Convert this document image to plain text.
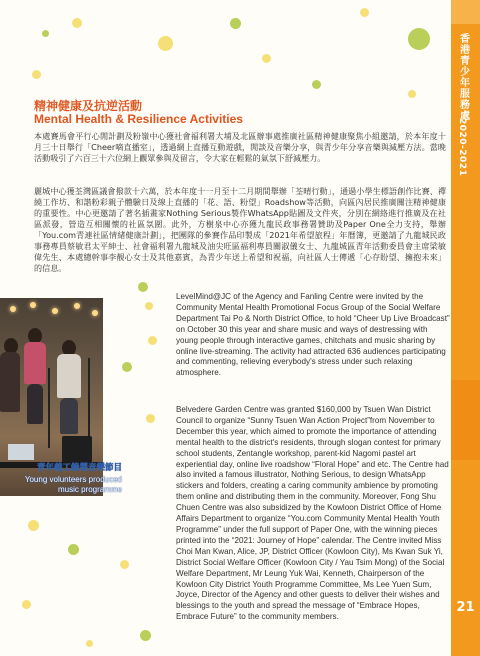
香港青少年服務處
2020-2021
21
精神健康及抗逆活動
Mental Health & Resilience Activities
本處賽馬會平行心閒計劃及粉嶺中心獲社會福利署大埔及北區辦事處推廣社區精神健康聚焦小組邀請，於本年度十月三十日舉行「Cheer嘀直播室」，透過網上直播互動遊戲，閒談及音樂分享，與青少年分享音樂與減壓方法。當晚活動吸引了六百三十六位網上觀眾參與及留言，令大家在輕鬆的氣氛下舒減壓力。
麗城中心獲荃灣區議會撥款十六萬，於本年度十一月至十二月期間舉辦「荃晴行動」，通過小學生標語創作比賽、禪繞工作坊、和諧粉彩親子體驗日及線上直播的「花、語、粉望」Roadshow等活動，向區內居民推廣關注精神健康的重要性。中心更邀請了著名插畫家Nothing Serious製作WhatsApp貼圖及文件夾，分別在網絡進行推廣及在社區派發，營造互相關懷的社區氛圍。此外，方樹泉中心亦獲九龍民政事務署贊助及Paper One全力支持，舉辦「You.com青連社區情緒健康計劃」，把團隊的參賽作品印製成「2021年希望旅程」年曆簿，更邀請了九龍城民政事務專員蔡敏君太平紳士、社會福利署九龍城及油尖旺區福利專員關淑儀女士、九龍城區青年活動委員會主席梁敏偉先生、本處總幹事李靚心女士及其他嘉賓，為青少年送上希望和祝福，向社區人士傳遞「心存盼望、擁抱未來」的信息。
青年義工錄製音樂節目
Young volunteers produced
music programme
LevelMind@JC of the Agency and Fanling Centre were invited by the Community Mental Health Promotional Focus Group of the Social Welfare Department Tai Po & North District Office, to hold “Cheer Up Live Broadcast” on October 30 this year and share music and ways of destressing with young people through interactive games, chitchats and music sharing by online live-streaming. The activity had attracted 636 audiences participating and commenting, relieving everybody's stress under such relaxing atmosphere.
Belvedere Garden Centre was granted $160,000 by Tsuen Wan District Council to organize “Sunny Tsuen Wan Action Project”from November to December this year, which aimed to promote the importance of attending mental health to the district's residents, through slogan contest for primary school students, Zentangle workshop, parent-kid Nagomi pastel art experiential day, online live roadshow “Floral Hope” and etc. The Centre had also invited a famous illustrator, Nothing Serious, to design WhatsApp stickers and folders, creating a caring community ambience by promoting them online and distributing them in the community. Moreover, Fong Shu Chuen Centre was also subsidized by the Kowloon District Office of Home Affairs Department to organize “You.com Community Mental Health Youth Programme” under the full support of Paper One, with the winning pieces printed into the “2021: Journey of Hope” calendar. The Centre invited Miss Choi Man Kwan, Alice, JP, District Officer (Kowloon City), Ms Kwan Suk Yi, District Social Welfare Officer (Kowloon City / Yau Tsim Mong) of the Social Welfare Department, Mr Leung Yuk Wai, Kenneth, Chairperson of the Kowloon City District Youth Programme Committee, Ms Lee Yuen Sum, Joyce, Director of the Agency and other guests to deliver their wishes and blessings to the youth and spread the message of “Embrace Hopes, Embrace Future” to the community members.
